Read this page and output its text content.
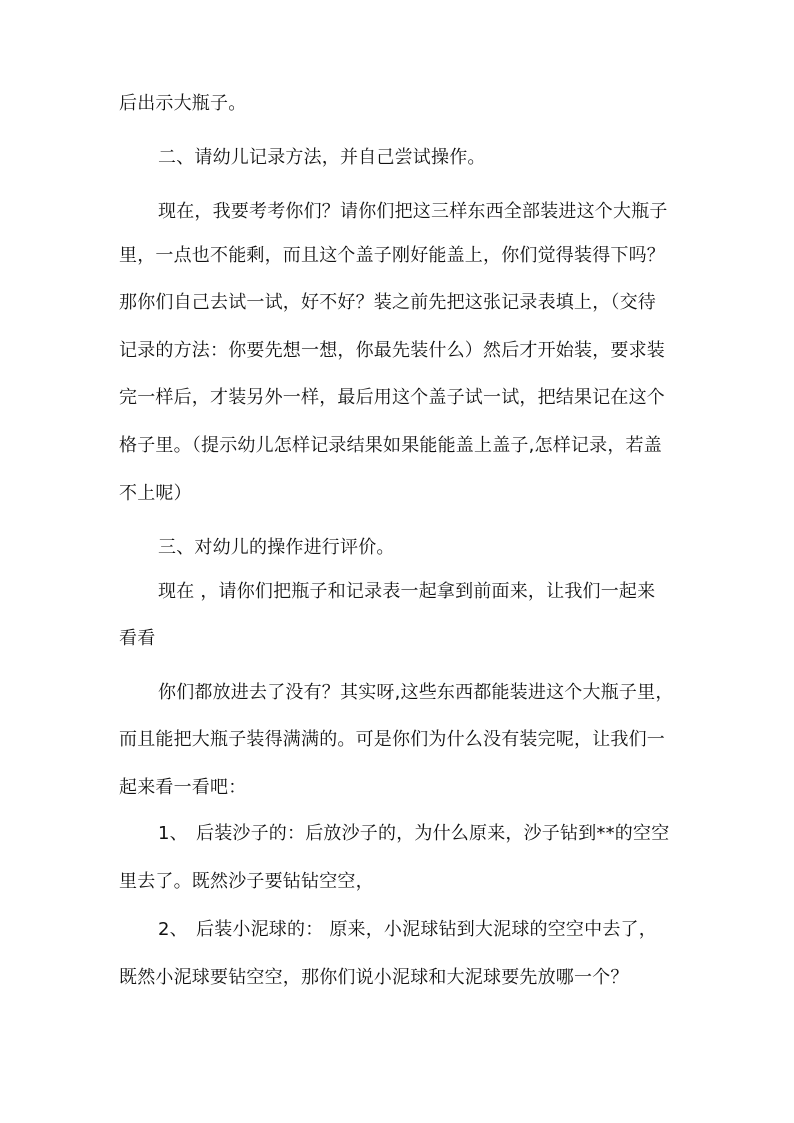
后出示大瓶子。
二、请幼儿记录方法，并自己尝试操作。
现在，我要考考你们？请你们把这三样东西全部装进这个大瓶子
里，一点也不能剩，而且这个盖子刚好能盖上，你们觉得装得下吗？
那你们自己去试一试，好不好？装之前先把这张记录表填上，（交待
记录的方法：你要先想一想，你最先装什么）然后才开始装，要求装
完一样后，才装另外一样，最后用这个盖子试一试，把结果记在这个
格子里。（提示幼儿怎样记录结果如果能能盖上盖子,怎样记录，若盖
不上呢）
三、对幼儿的操作进行评价。
现在 ，请你们把瓶子和记录表一起拿到前面来，让我们一起来
看看
你们都放进去了没有？其实呀,这些东西都能装进这个大瓶子里，
而且能把大瓶子装得满满的。可是你们为什么没有装完呢，让我们一
起来看一看吧：
1、 后装沙子的：后放沙子的，为什么原来，沙子钻到**的空空
里去了。既然沙子要钻钻空空，
2、 后装小泥球的： 原来，小泥球钻到大泥球的空空中去了，
既然小泥球要钻空空，那你们说小泥球和大泥球要先放哪一个？
